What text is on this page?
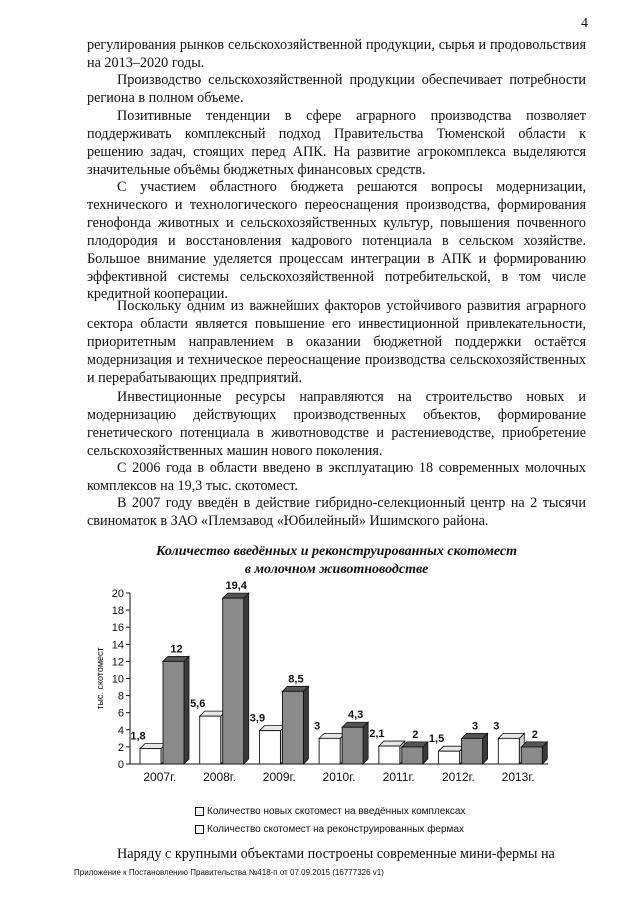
4

регулирования рынков сельскохозяйственной продукции, сырья и продовольствия на 2013–2020 годы.

Производство сельскохозяйственной продукции обеспечивает потребности региона в полном объеме.

Позитивные тенденции в сфере аграрного производства позволяет поддерживать комплексный подход Правительства Тюменской области к решению задач, стоящих перед АПК. На развитие агрокомплекса выделяются значительные объёмы бюджетных финансовых средств.

С участием областного бюджета решаются вопросы модернизации, технического и технологического переоснащения производства, формирования генофонда животных и сельскохозяйственных культур, повышения почвенного плодородия и восстановления кадрового потенциала в сельском хозяйстве. Большое внимание уделяется процессам интеграции в АПК и формированию эффективной системы сельскохозяйственной потребительской, в том числе кредитной кооперации.

Поскольку одним из важнейших факторов устойчивого развития аграрного сектора области является повышение его инвестиционной привлекательности, приоритетным направлением в оказании бюджетной поддержки остаётся модернизация и техническое переоснащение производства сельскохозяйственных и перерабатывающих предприятий.

Инвестиционные ресурсы направляются на строительство новых и модернизацию действующих производственных объектов, формирование генетического потенциала в животноводстве и растениеводстве, приобретение сельскохозяйственных машин нового поколения.

С 2006 года в области введено в эксплуатацию 18 современных молочных комплексов на 19,3 тыс. скотомест.

В 2007 году введён в действие гибридно-селекционный центр на 2 тысячи свиноматок в ЗАО «Племзавод «Юбилейный» Ишимского района.

Количество введённых и реконструированных скотомест
в молочном животноводстве
0
2
4
6
8
10
12
14
16
18
20
тыс. скотомест
1,8
12
2007г.
5,6
19,4
2008г.
3,9
8,5
2009г.
3
4,3
2010г.
2,1	2
2011г.
1,5
3
2012г.
3
2
2013г.
Количество новых скотомест на введённых комплексах
Количество скотомест на реконструированных фермах

Наряду с крупными объектами построены современные мини-фермы на

Приложение к Постановлению Правительства №418-п от 07.09.2015 (16777326 v1)
